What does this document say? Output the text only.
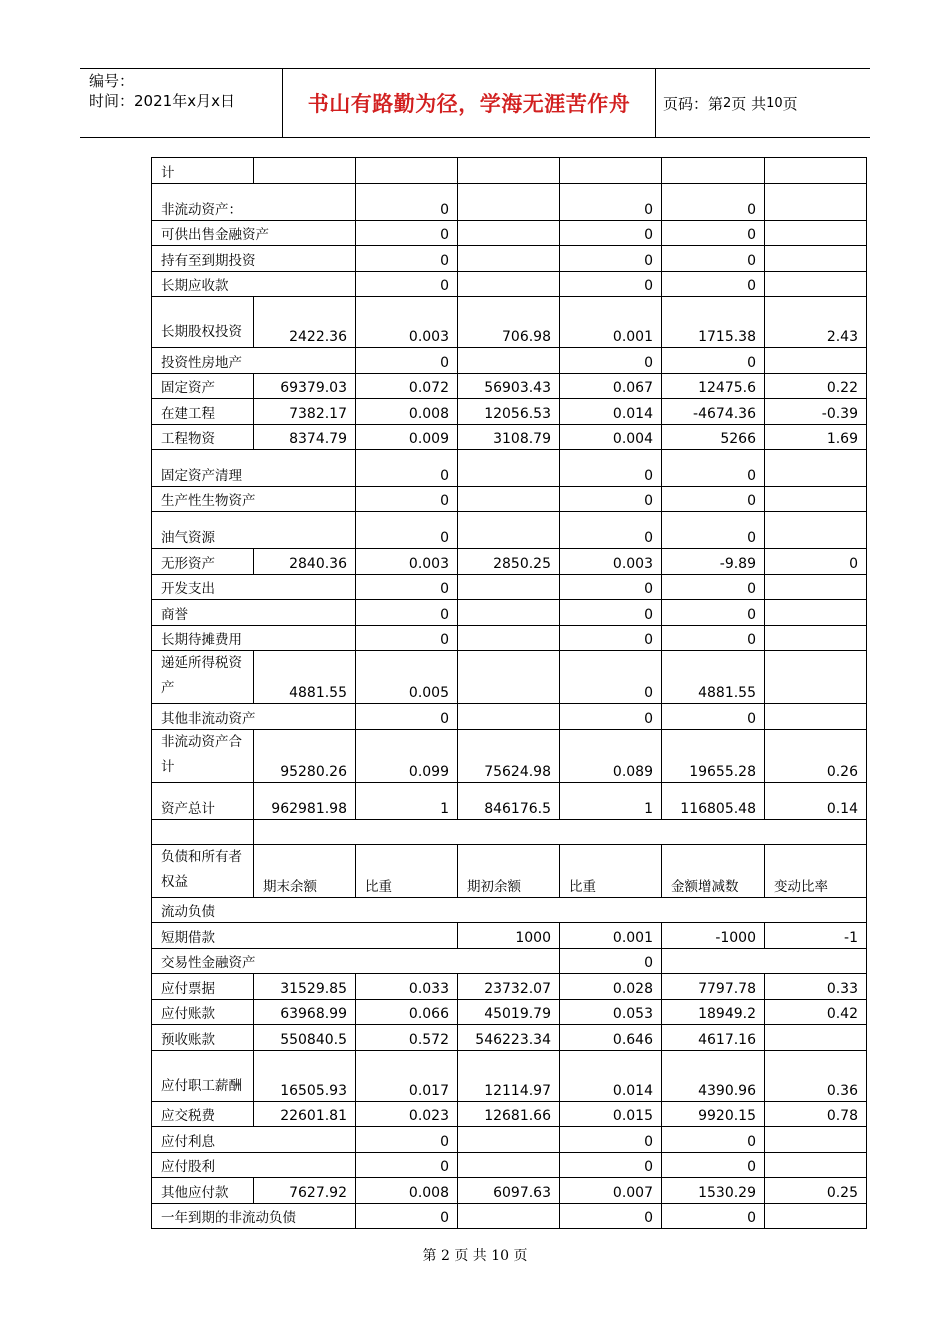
编号：
时间：2021年x月x日	书山有路勤为径，学海无涯苦作舟	页码：第 2 页 共 10 页
计						
非流动资产：		0		0	0	
可供出售金融资产		0		0	0	
持有至到期投资		0		0	0	
长期应收款		0		0	0	
长期股权投资	2422.36	0.003	706.98	0.001	1715.38	2.43
投资性房地产		0		0	0	
固定资产	69379.03	0.072	56903.43	0.067	12475.6	0.22
在建工程	7382.17	0.008	12056.53	0.014	-4674.36	-0.39
工程物资	8374.79	0.009	3108.79	0.004	5266	1.69
固定资产清理		0		0	0	
生产性生物资产		0		0	0	
油气资源		0		0	0	
无形资产	2840.36	0.003	2850.25	0.003	-9.89	0
开发支出		0		0	0	
商誉		0		0	0	
长期待摊费用		0		0	0	
递延所得税资产	4881.55	0.005		0	4881.55	
其他非流动资产		0		0	0	
非流动资产合计	95280.26	0.099	75624.98	0.089	19655.28	0.26
资产总计	962981.98	1	846176.5	1	116805.48	0.14

负债和所有者权益	期末余额	比重	期初余额	比重	金额增减数	变动比率
流动负债						
短期借款			1000	0.001	-1000	-1
交易性金融资产				0		
应付票据	31529.85	0.033	23732.07	0.028	7797.78	0.33
应付账款	63968.99	0.066	45019.79	0.053	18949.2	0.42
预收账款	550840.5	0.572	546223.34	0.646	4617.16	
应付职工薪酬	16505.93	0.017	12114.97	0.014	4390.96	0.36
应交税费	22601.81	0.023	12681.66	0.015	9920.15	0.78
应付利息		0		0	0	
应付股利		0		0	0	
其他应付款	7627.92	0.008	6097.63	0.007	1530.29	0.25
一年到期的非流动负债		0		0	0	
第 2 页 共 10 页
